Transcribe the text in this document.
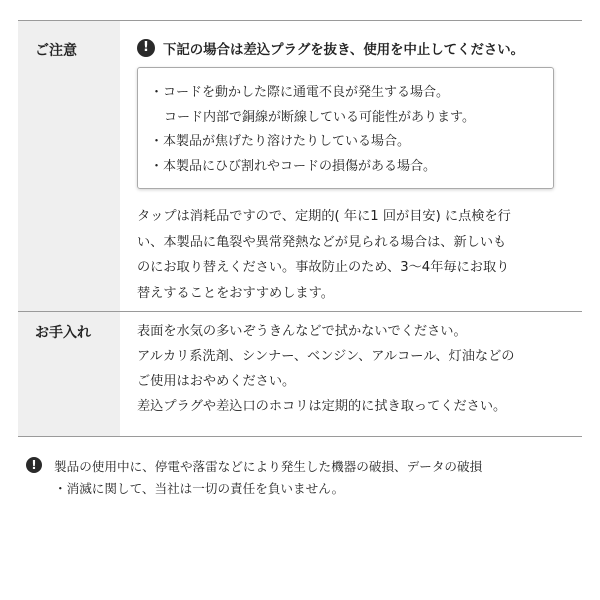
ご注意	!	下記の場合は差込プラグを抜き、使用を中止してください。
・コードを動かした際に通電不良が発生する場合。
コード内部で銅線が断線している可能性があります。
・本製品が焦げたり溶けたりしている場合。
・本製品にひび割れやコードの損傷がある場合。
タップは消耗品ですので、定期的( 年に1 回が目安) に点検を行
い、本製品に亀裂や異常発熱などが見られる場合は、新しいも
のにお取り替えください。事故防止のため、3〜4年毎にお取り
替えすることをおすすめします。
お手入れ	表面を水気の多いぞうきんなどで拭かないでください。
アルカリ系洗剤、シンナー、ベンジン、アルコール、灯油などの
ご使用はおやめください。
差込プラグや差込口のホコリは定期的に拭き取ってください。
!	製品の使用中に、停電や落雷などにより発生した機器の破損、データの破損
・消滅に関して、当社は一切の責任を負いません。
